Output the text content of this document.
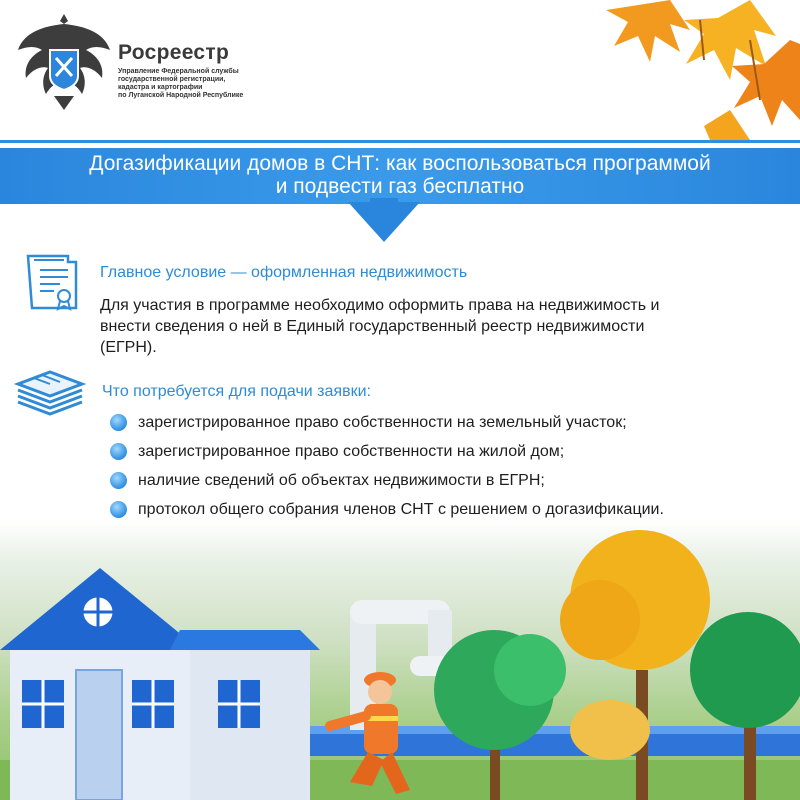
Росреестр
Управление Федеральной службы
государственной регистрации,
кадастра и картографии
по Луганской Народной Республике
Догазификации домов в СНТ: как воспользоваться программой
и подвести газ бесплатно
Главное условие — оформленная недвижимость
Для участия в программе необходимо оформить права на недвижимость и
внести сведения о ней в Единый государственный реестр недвижимости
(ЕГРН).
Что потребуется для подачи заявки:
зарегистрированное право собственности на земельный участок;
зарегистрированное право собственности на жилой дом;
наличие сведений об объектах недвижимости в ЕГРН;
протокол общего собрания членов СНТ с решением о догазификации.
